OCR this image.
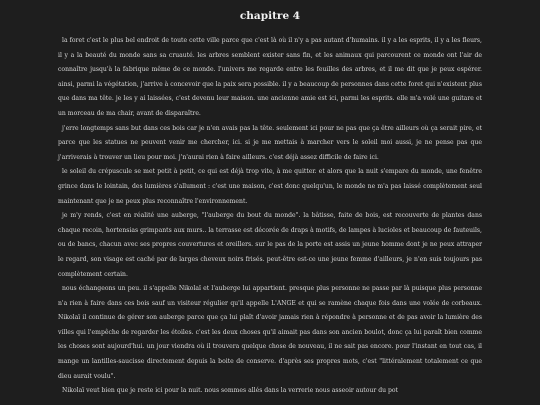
chapitre 4

la foret c'est le plus bel endroit de toute cette ville parce que c'est là où il n'y a pas autant d'humains. il y a les esprits, il y a les fleurs, il y a la beauté du monde sans sa cruauté. les arbres semblent exister sans fin, et les animaux qui parcourent ce monde ont l'air de connaître jusqu'à la fabrique même de ce monde. l'univers me regarde entre les feuilles des arbres, et il me dit que je peux espérer. ainsi, parmi la végétation, j'arrive à concevoir que la paix sera possible. il y a beaucoup de personnes dans cette foret qui n'existent plus que dans ma tête. je les y ai laissées, c'est devenu leur maison. une ancienne amie est ici, parmi les esprits. elle m'a volé une guitare et un morceau de ma chair, avant de disparaître.

j'erre longtemps sans but dans ces bois car je n'en avais pas la tête. seulement ici pour ne pas que ça être ailleurs où ça serait pire, et parce que les statues ne peuvent venir me chercher, ici. si je me mettais à marcher vers le soleil moi aussi, je ne pense pas que j'arriverais à trouver un lieu pour moi. j'n'aurai rien à faire ailleurs. c'est déjà assez difficile de faire ici.

le soleil du crépuscule se met petit à petit, ce qui est déjà trop vite, à me quitter. et alors que la nuit s'empare du monde, une fenêtre grince dans le lointain, des lumières s'allument : c'est une maison, c'est donc quelqu'un, le monde ne m'a pas laissé complètement seul maintenant que je ne peux plus reconnaître l'environnement.

je m'y rends, c'est en réalité une auberge, "l'auberge du bout du monde". la bâtisse, faite de bois, est recouverte de plantes dans chaque recoin, hortensias grimpants aux murs.. la terrasse est décorée de draps à motifs, de lampes à lucioles et beaucoup de fauteuils, ou de bancs, chacun avec ses propres couvertures et oreillers. sur le pas de la porte est assis un jeune homme dont je ne peux attraper le regard, son visage est caché par de larges cheveux noirs frisés. peut-être est-ce une jeune femme d'ailleurs, je n'en suis toujours pas complètement certain.

nous échangeons un peu. il s'appelle Nikolaï et l'auberge lui appartient. presque plus personne ne passe par là puisque plus personne n'a rien à faire dans ces bois sauf un visiteur régulier qu'il appelle L'ANGE et qui se ramène chaque fois dans une volée de corbeaux. Nikolaï il continue de gérer son auberge parce que ça lui plaît d'avoir jamais rien à répondre à personne et de pas avoir la lumière des villes qui l'empêche de regarder les étoiles. c'est les deux choses qu'il aimait pas dans son ancien boulot, donc ça lui paraît bien comme les choses sont aujourd'hui. un jour viendra où il trouvera quelque chose de nouveau, il ne sait pas encore. pour l'instant en tout cas, il mange un lantilles-saucisse directement depuis la boite de conserve. d'après ses propres mots, c'est "littéralement totalement ce que dieu aurait voulu".

Nikolaï veut bien que je reste ici pour la nuit. nous sommes allés dans la verrerie nous asseoir autour du pot
